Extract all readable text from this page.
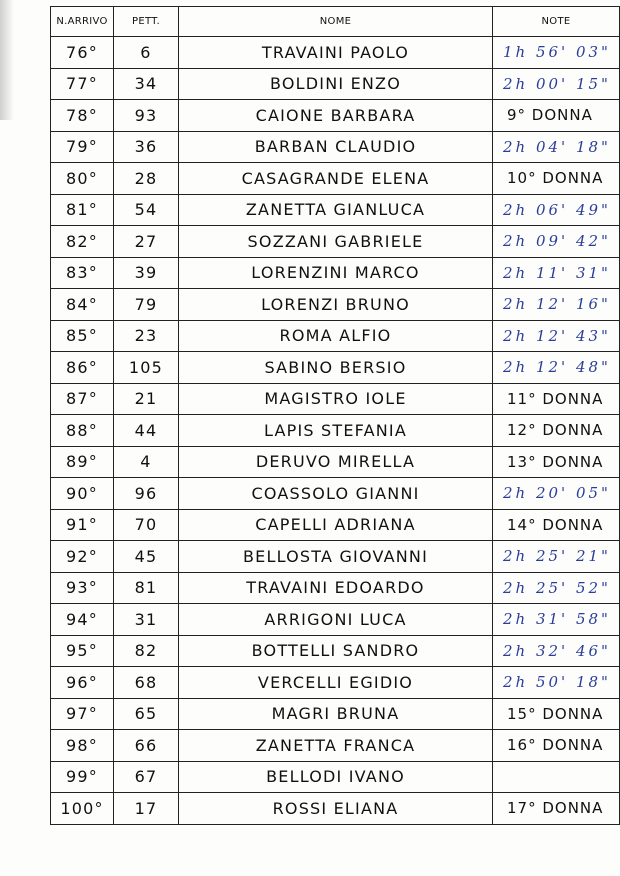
N.ARRIVO	PETT.	NOME	NOTE
76°	6	TRAVAINI PAOLO	1h 56' 03"
77°	34	BOLDINI ENZO	2h 00' 15"
78°	93	CAIONE BARBARA	9° DONNA
79°	36	BARBAN CLAUDIO	2h 04' 18"
80°	28	CASAGRANDE ELENA	10° DONNA
81°	54	ZANETTA GIANLUCA	2h 06' 49"
82°	27	SOZZANI GABRIELE	2h 09' 42"
83°	39	LORENZINI MARCO	2h 11' 31"
84°	79	LORENZI BRUNO	2h 12' 16"
85°	23	ROMA ALFIO	2h 12' 43"
86°	105	SABINO BERSIO	2h 12' 48"
87°	21	MAGISTRO IOLE	11° DONNA
88°	44	LAPIS STEFANIA	12° DONNA
89°	4	DERUVO MIRELLA	13° DONNA
90°	96	COASSOLO GIANNI	2h 20' 05"
91°	70	CAPELLI ADRIANA	14° DONNA
92°	45	BELLOSTA GIOVANNI	2h 25' 21"
93°	81	TRAVAINI EDOARDO	2h 25' 52"
94°	31	ARRIGONI LUCA	2h 31' 58"
95°	82	BOTTELLI SANDRO	2h 32' 46"
96°	68	VERCELLI EGIDIO	2h 50' 18"
97°	65	MAGRI BRUNA	15° DONNA
98°	66	ZANETTA FRANCA	16° DONNA
99°	67	BELLODI IVANO	
100°	17	ROSSI ELIANA	17° DONNA
